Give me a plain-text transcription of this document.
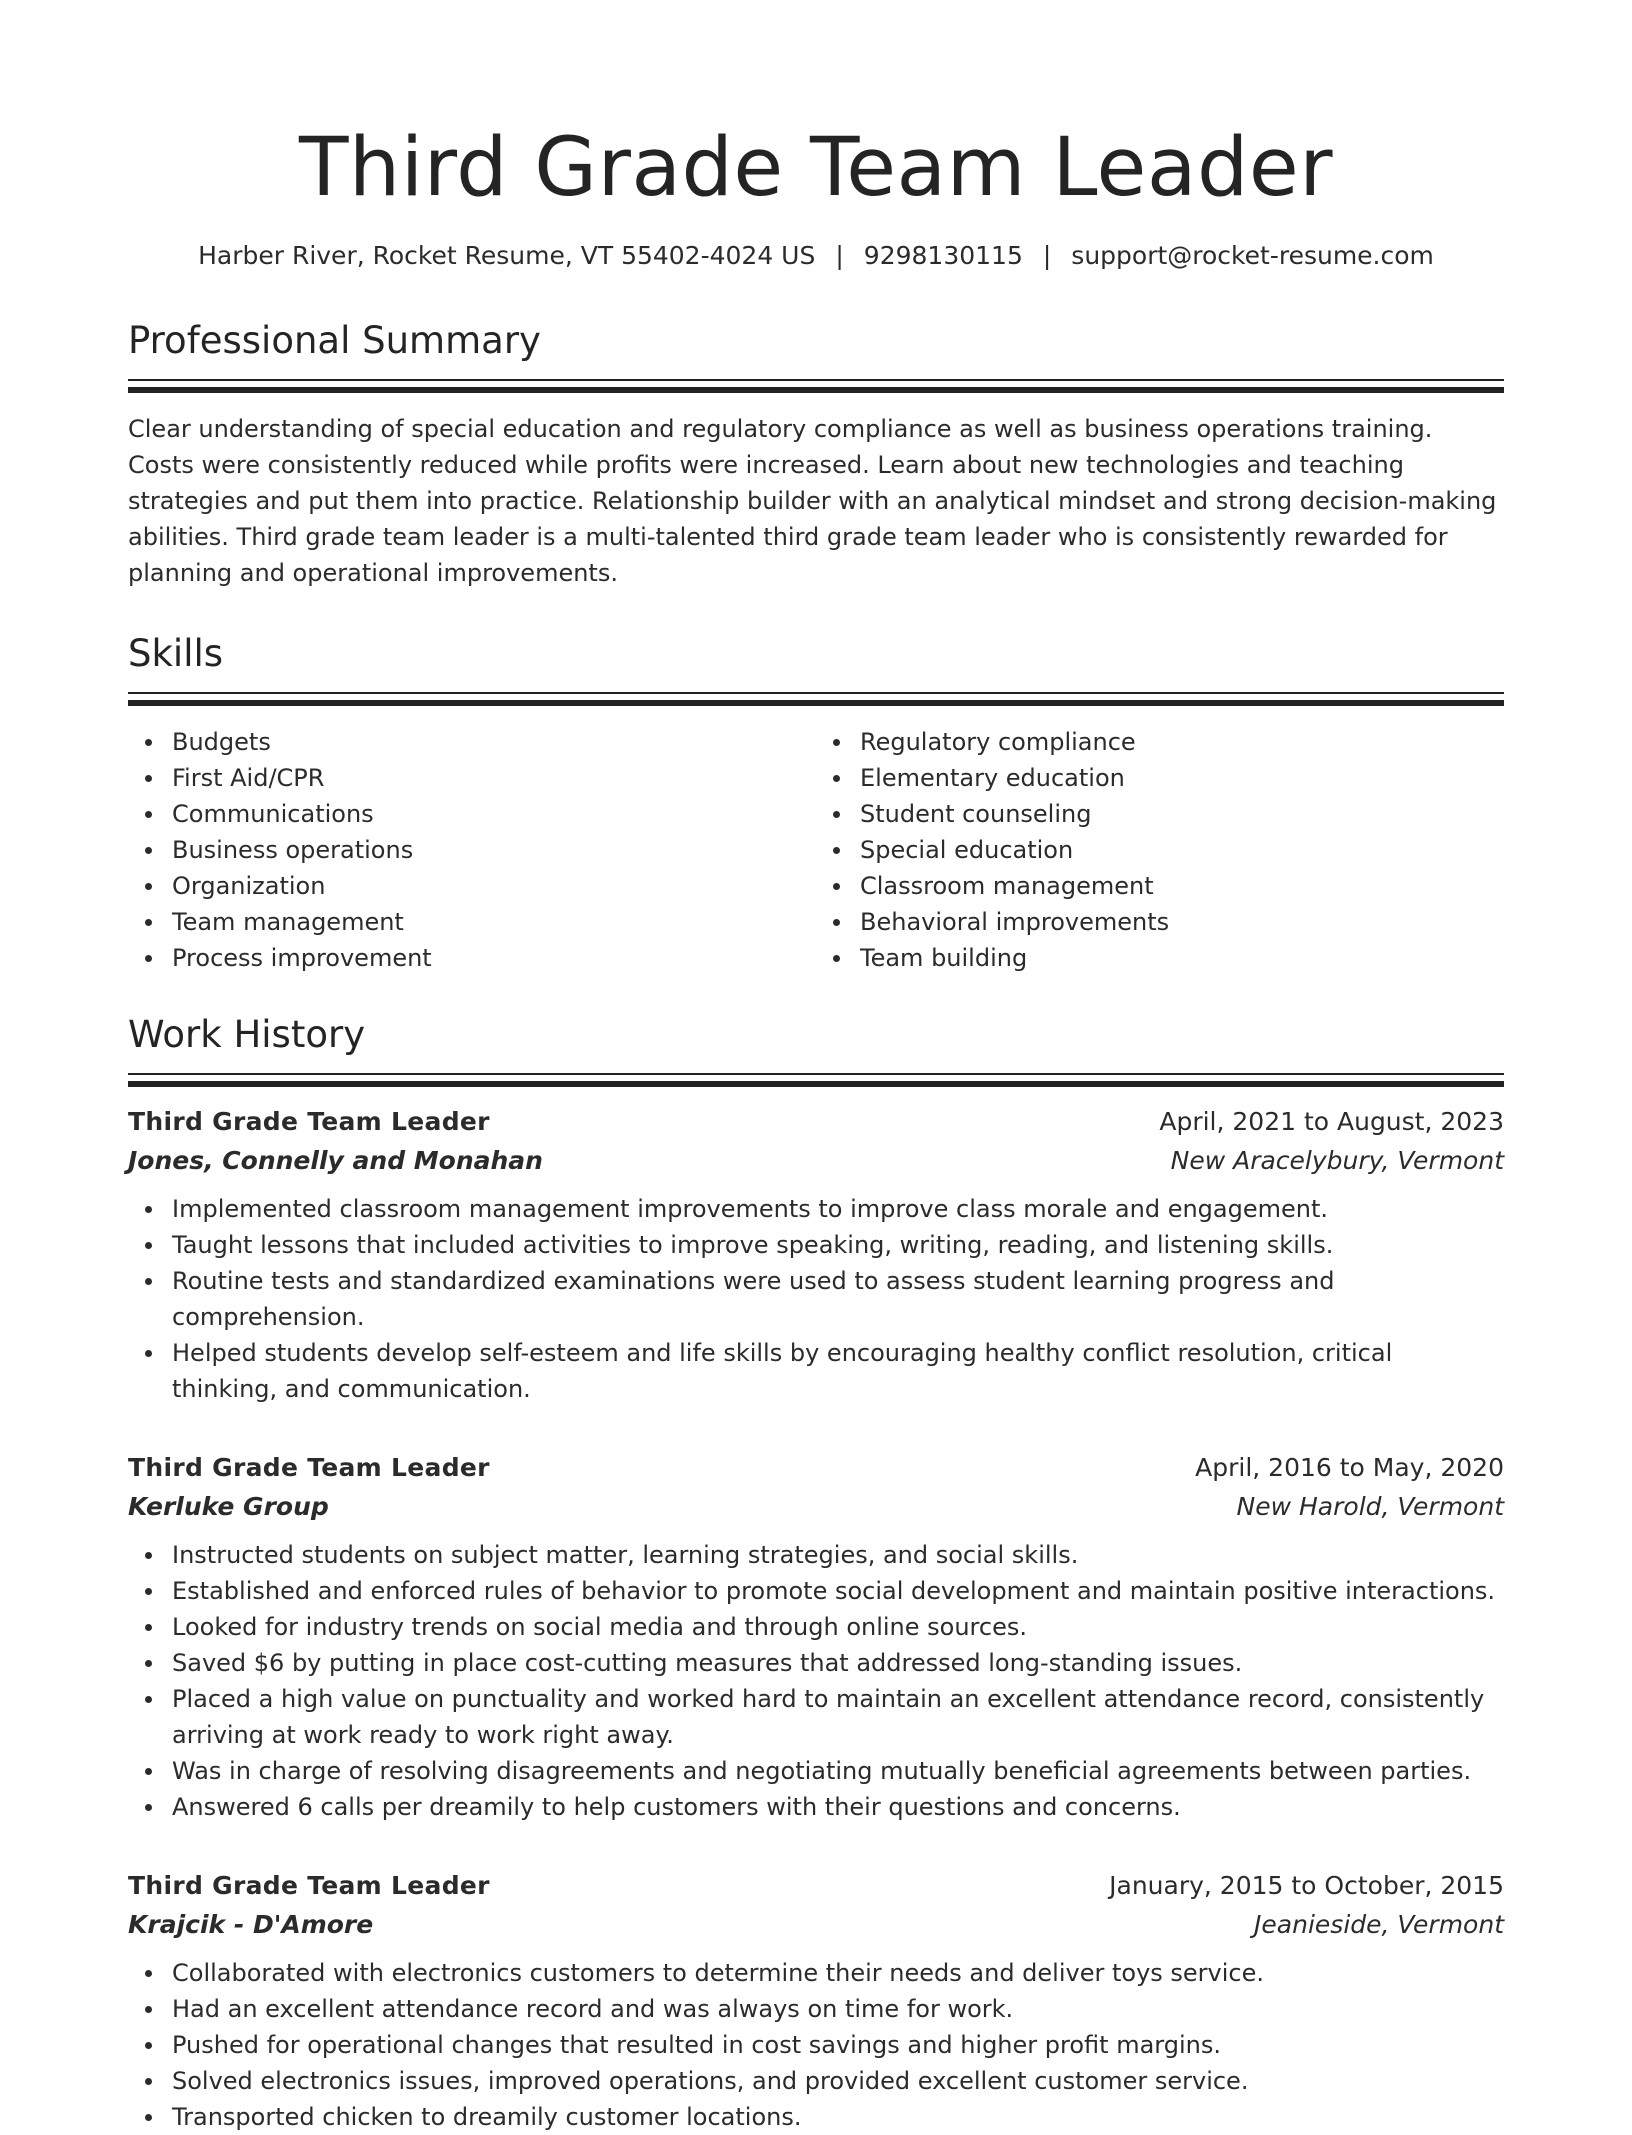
Third Grade Team Leader
Harber River, Rocket Resume, VT 55402-4024 US | 9298130115 | support@rocket-resume.com
Professional Summary

Clear understanding of special education and regulatory compliance as well as business operations training. Costs were consistently reduced while profits were increased. Learn about new technologies and teaching strategies and put them into practice. Relationship builder with an analytical mindset and strong decision-making abilities. Third grade team leader is a multi-talented third grade team leader who is consistently rewarded for planning and operational improvements.

Skills
Budgets
First Aid/CPR
Communications
Business operations
Organization
Team management
Process improvement
Regulatory compliance
Elementary education
Student counseling
Special education
Classroom management
Behavioral improvements
Team building
Work History
Third Grade Team Leader	April, 2021 to August, 2023
Jones, Connelly and Monahan	New Aracelybury, Vermont
Implemented classroom management improvements to improve class morale and engagement.
Taught lessons that included activities to improve speaking, writing, reading, and listening skills.
Routine tests and standardized examinations were used to assess student learning progress and comprehension.
Helped students develop self-esteem and life skills by encouraging healthy conflict resolution, critical thinking, and communication.
Third Grade Team Leader	April, 2016 to May, 2020
Kerluke Group	New Harold, Vermont
Instructed students on subject matter, learning strategies, and social skills.
Established and enforced rules of behavior to promote social development and maintain positive interactions.
Looked for industry trends on social media and through online sources.
Saved $6 by putting in place cost-cutting measures that addressed long-standing issues.
Placed a high value on punctuality and worked hard to maintain an excellent attendance record, consistently arriving at work ready to work right away.
Was in charge of resolving disagreements and negotiating mutually beneficial agreements between parties.
Answered 6 calls per dreamily to help customers with their questions and concerns.
Third Grade Team Leader	January, 2015 to October, 2015
Krajcik - D'Amore	Jeanieside, Vermont
Collaborated with electronics customers to determine their needs and deliver toys service.
Had an excellent attendance record and was always on time for work.
Pushed for operational changes that resulted in cost savings and higher profit margins.
Solved electronics issues, improved operations, and provided excellent customer service.
Transported chicken to dreamily customer locations.
